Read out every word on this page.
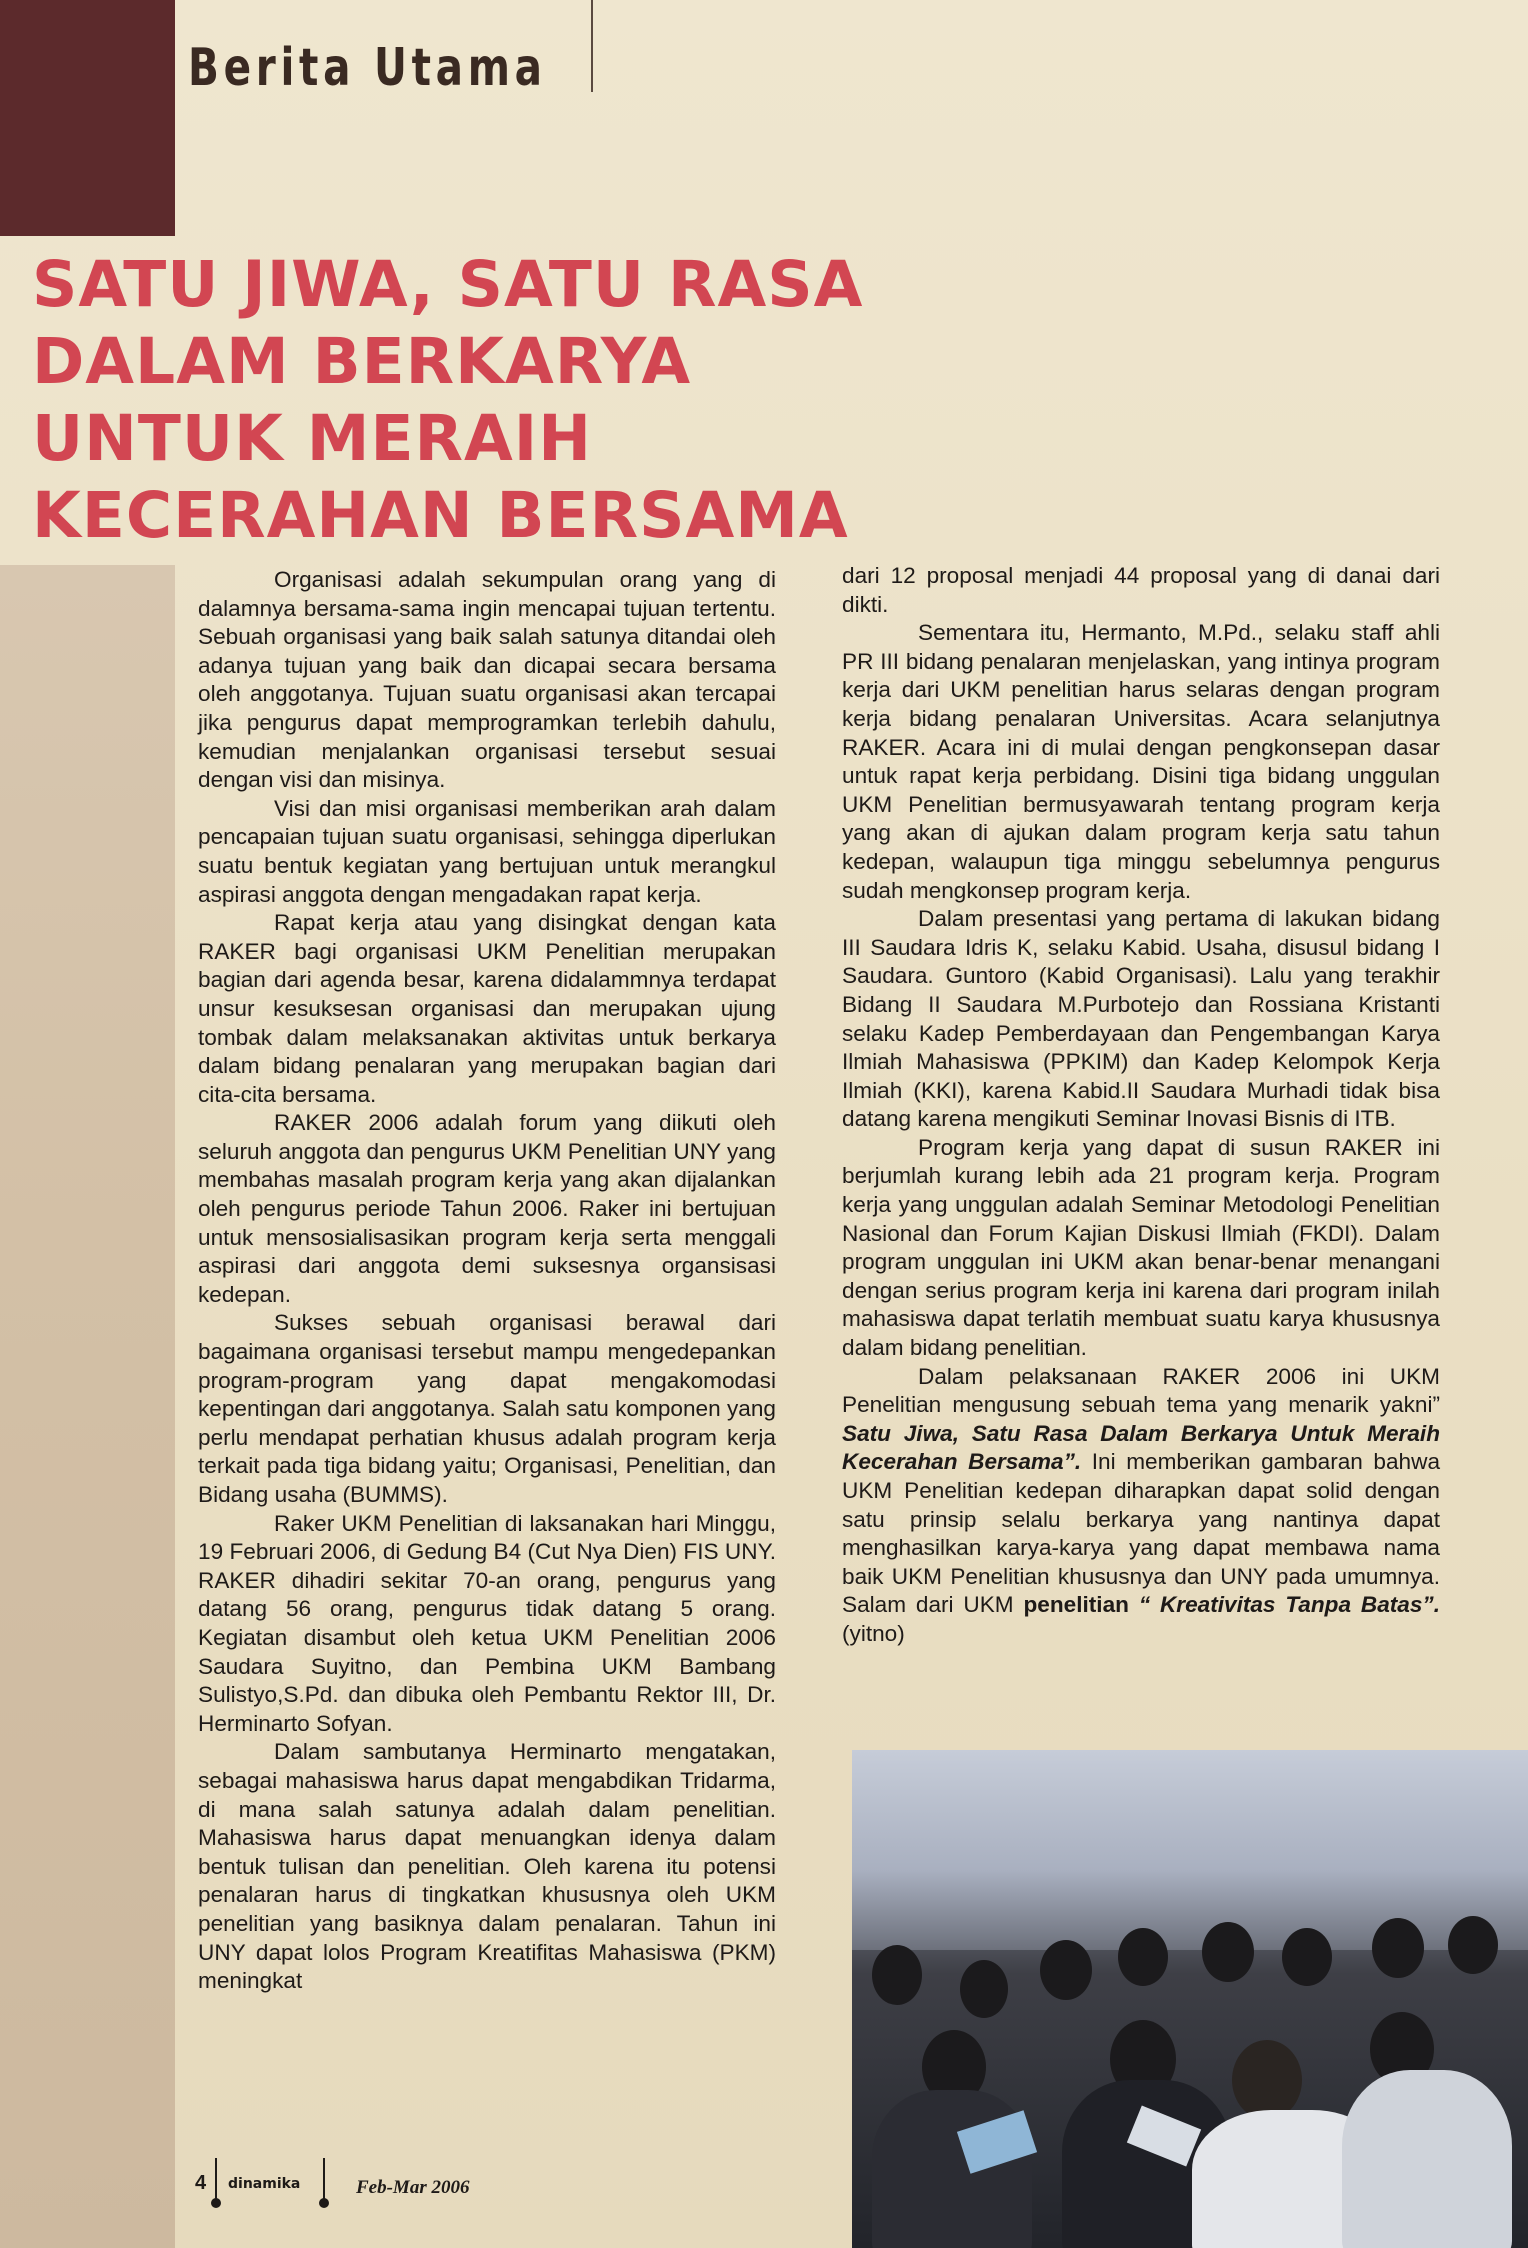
Berita Utama
SATU JIWA, SATU RASA
DALAM BERKARYA
UNTUK MERAIH
KECERAHAN BERSAMA

Organisasi adalah sekumpulan orang yang di dalamnya bersama-sama ingin mencapai tujuan tertentu. Sebuah organisasi yang baik salah satunya ditandai oleh adanya tujuan yang baik dan dicapai secara bersama oleh anggotanya. Tujuan suatu organisasi akan tercapai jika pengurus dapat memprogramkan terlebih dahulu, kemudian menjalankan organisasi tersebut sesuai dengan visi dan misinya.

Visi dan misi organisasi memberikan arah dalam pencapaian tujuan suatu organisasi, sehingga diperlukan suatu bentuk kegiatan yang bertujuan untuk merangkul aspirasi anggota dengan mengadakan rapat kerja.

Rapat kerja atau yang disingkat dengan kata RAKER bagi organisasi UKM Penelitian merupakan bagian dari agenda besar, karena didalammnya terdapat unsur kesuksesan organisasi dan merupakan ujung tombak dalam melaksanakan aktivitas untuk berkarya dalam bidang penalaran yang merupakan bagian dari cita-cita bersama.

RAKER 2006 adalah forum yang diikuti oleh seluruh anggota dan pengurus UKM Penelitian UNY yang membahas masalah program kerja yang akan dijalankan oleh pengurus periode Tahun 2006. Raker ini bertujuan untuk mensosialisasikan program kerja serta menggali aspirasi dari anggota demi suksesnya organsisasi kedepan.

Sukses sebuah organisasi berawal dari bagaimana organisasi tersebut mampu mengedepankan program-program yang dapat mengakomodasi kepentingan dari anggotanya. Salah satu komponen yang perlu mendapat perhatian khusus adalah program kerja terkait pada tiga bidang yaitu; Organisasi, Penelitian, dan Bidang usaha (BUMMS).

Raker UKM Penelitian di laksanakan hari Minggu, 19 Februari 2006, di Gedung B4 (Cut Nya Dien) FIS UNY. RAKER dihadiri sekitar 70-an orang, pengurus yang datang 56 orang, pengurus tidak datang 5 orang. Kegiatan disambut oleh ketua UKM Penelitian 2006 Saudara Suyitno, dan Pembina UKM Bambang Sulistyo,S.Pd. dan dibuka oleh Pembantu Rektor III, Dr. Herminarto Sofyan.

Dalam sambutanya Herminarto mengatakan, sebagai mahasiswa harus dapat mengabdikan Tridarma, di mana salah satunya adalah dalam penelitian. Mahasiswa harus dapat menuangkan idenya dalam bentuk tulisan dan penelitian. Oleh karena itu potensi penalaran harus di tingkatkan khususnya oleh UKM penelitian yang basiknya dalam penalaran. Tahun ini UNY dapat lolos Program Kreatifitas Mahasiswa (PKM) meningkat

dari 12 proposal menjadi 44 proposal yang di danai dari dikti.

Sementara itu, Hermanto, M.Pd., selaku staff ahli PR III bidang penalaran menjelaskan, yang intinya program kerja dari UKM penelitian harus selaras dengan program kerja bidang penalaran Universitas. Acara selanjutnya RAKER. Acara ini di mulai dengan pengkonsepan dasar untuk rapat kerja perbidang. Disini tiga bidang unggulan UKM Penelitian bermusyawarah tentang program kerja yang akan di ajukan dalam program kerja satu tahun kedepan, walaupun tiga minggu sebelumnya pengurus sudah mengkonsep program kerja.

Dalam presentasi yang pertama di lakukan bidang III Saudara Idris K, selaku Kabid. Usaha, disusul bidang I Saudara. Guntoro (Kabid Organisasi). Lalu yang terakhir Bidang II Saudara M.Purbotejo dan Rossiana Kristanti selaku Kadep Pemberdayaan dan Pengembangan Karya Ilmiah Mahasiswa (PPKIM) dan Kadep Kelompok Kerja Ilmiah (KKI), karena Kabid.II Saudara Murhadi tidak bisa datang karena mengikuti Seminar Inovasi Bisnis di ITB.

Program kerja yang dapat di susun RAKER ini berjumlah kurang lebih ada 21 program kerja. Program kerja yang unggulan adalah Seminar Metodologi Penelitian Nasional dan Forum Kajian Diskusi Ilmiah (FKDI). Dalam program unggulan ini UKM akan benar-benar menangani dengan serius program kerja ini karena dari program inilah mahasiswa dapat terlatih membuat suatu karya khususnya dalam bidang penelitian.

Dalam pelaksanaan RAKER 2006 ini UKM Penelitian mengusung sebuah tema yang menarik yakni” Satu Jiwa, Satu Rasa Dalam Berkarya Untuk Meraih Kecerahan Bersama”. Ini memberikan gambaran bahwa UKM Penelitian kedepan diharapkan dapat solid dengan satu prinsip selalu berkarya yang nantinya dapat menghasilkan karya-karya yang dapat membawa nama baik UKM Penelitian khususnya dan UNY pada umumnya. Salam dari UKM penelitian “ Kreativitas Tanpa Batas”.(yitno)

4 dinamika	Feb-Mar 2006
